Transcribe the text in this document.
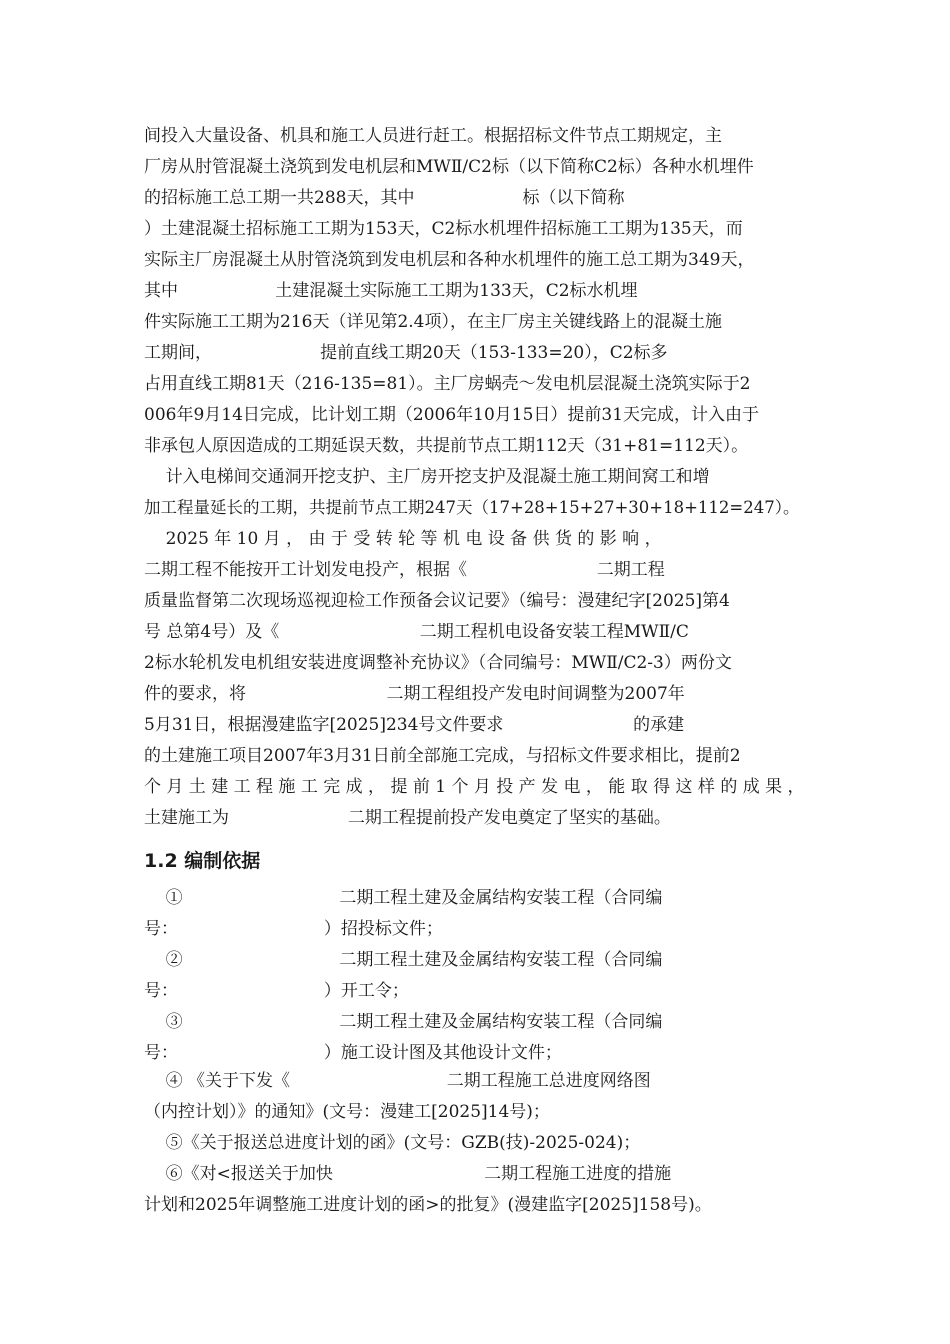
间投入大量设备、机具和施工人员进行赶工。根据招标文件节点工期规定，主
厂房从肘管混凝土浇筑到发电机层和MWⅡ/C2标（以下简称C2标）各种水机埋件
的招标施工总工期一共288天，其中                    标（以下简称
）土建混凝土招标施工工期为153天，C2标水机埋件招标施工工期为135天，而
实际主厂房混凝土从肘管浇筑到发电机层和各种水机埋件的施工总工期为349天，
其中                  土建混凝土实际施工工期为133天，C2标水机埋
件实际施工工期为216天（详见第2.4项），在主厂房主关键线路上的混凝土施
工期间，                    提前直线工期20天（153-133=20），C2标多
占用直线工期81天（216-135=81）。主厂房蜗壳～发电机层混凝土浇筑实际于2
006年9月14日完成，比计划工期（2006年10月15日）提前31天完成，计入由于
非承包人原因造成的工期延误天数，共提前节点工期112天（31+81=112天）。
计入电梯间交通洞开挖支护、主厂房开挖支护及混凝土施工期间窝工和增
加工程量延长的工期，共提前节点工期247天（17+28+15+27+30+18+112=247）。
2025 年 10 月 ， 由 于 受 转 轮 等 机 电 设 备 供 货 的 影 响 ，
二期工程不能按开工计划发电投产，根据《                        二期工程
质量监督第二次现场巡视迎检工作预备会议记要》（编号：漫建纪字[2025]第4
号 总第4号）及《                          二期工程机电设备安装工程MWⅡ/C
2标水轮机发电机组安装进度调整补充协议》（合同编号：MWⅡ/C2-3）两份文
件的要求，将                          二期工程组投产发电时间调整为2007年
5月31日，根据漫建监字[2025]234号文件要求                        的承建
的土建施工项目2007年3月31日前全部施工完成，与招标文件要求相比，提前2
个 月 土 建 工 程 施 工 完 成 ， 提 前 1 个 月 投 产 发 电 ， 能 取 得 这 样 的 成 果 ，
土建施工为                      二期工程提前投产发电奠定了坚实的基础。
1.2 编制依据
①                             二期工程土建及金属结构安装工程（合同编
号：                           ）招投标文件；
②                             二期工程土建及金属结构安装工程（合同编
号：                           ）开工令；
③                             二期工程土建及金属结构安装工程（合同编
号：                           ）施工设计图及其他设计文件；
④ 《关于下发《                             二期工程施工总进度网络图
（内控计划）》的通知》(文号：漫建工[2025]14号)；
⑤《关于报送总进度计划的函》(文号：GZB(技)-2025-024)；
⑥《对<报送关于加快                            二期工程施工进度的措施
计划和2025年调整施工进度计划的函>的批复》(漫建监字[2025]158号)。
